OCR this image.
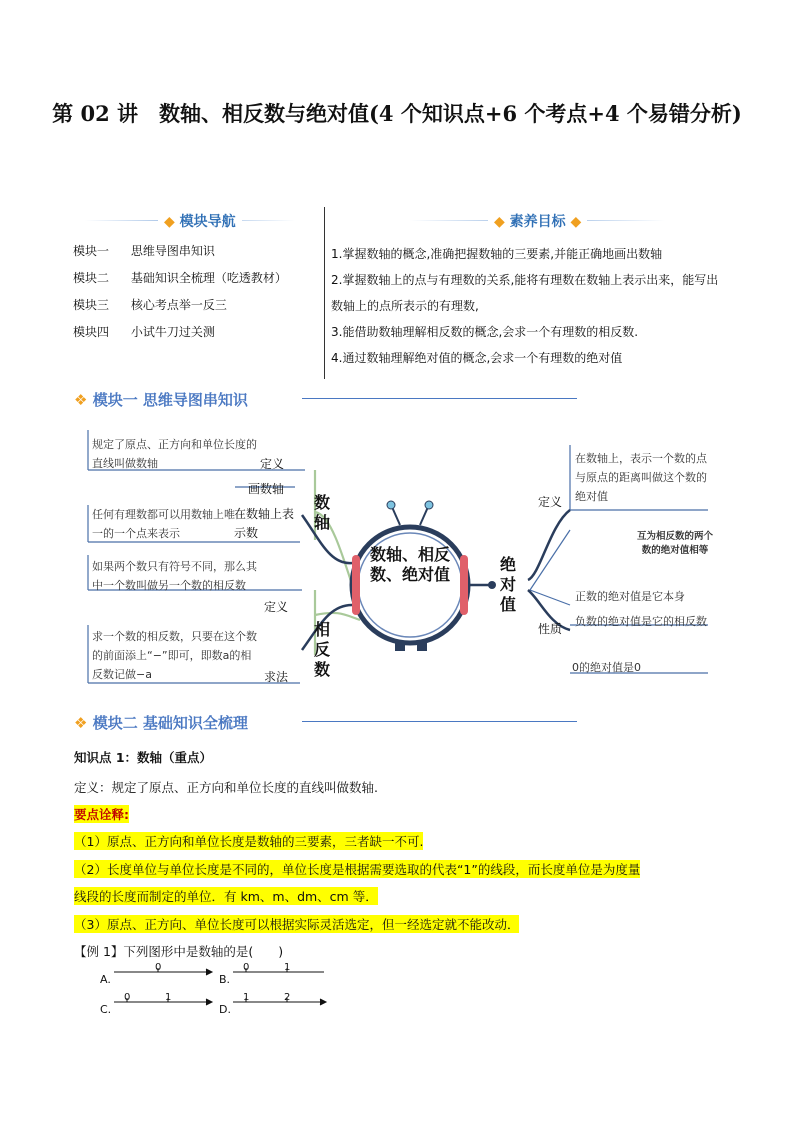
第 02 讲　数轴、相反数与绝对值(4 个知识点+6 个考点+4 个易错分析)
◆ 模块导航
模块一 思维导图串知识
模块二 基础知识全梳理（吃透教材）
模块三 核心考点举一反三
模块四 小试牛刀过关测
◆ 素养目标 ◆
1.掌握数轴的概念,准确把握数轴的三要素,并能正确地画出数轴
2.掌握数轴上的点与有理数的关系,能将有理数在数轴上表示出来，能写出数轴上的点所表示的有理数,
3.能借助数轴理解相反数的概念,会求一个有理数的相反数.
4.通过数轴理解绝对值的概念,会求一个有理数的绝对值
❖ 模块一 思维导图串知识
规定了原点、正方向和单位长度的直线叫做数轴	定义
画数轴
任何有理数都可以用数轴上唯一的一个点来表示
在数轴上表示数
数轴
如果两个数只有符号不同，那么其中一个数叫做另一个数的相反数
定义
求一个数的相反数，只要在这个数的前面添上“−”即可，即数a的相反数记做−a	求法
相反数
数轴、相反数、绝对值
绝对值
定义
在数轴上，表示一个数的点与原点的距离叫做这个数的绝对值
互为相反数的两个数的绝对值相等
性质
正数的绝对值是它本身
负数的绝对值是它的相反数
0的绝对值是0
❖ 模块二 基础知识全梳理
知识点 1：数轴（重点）
定义：规定了原点、正方向和单位长度的直线叫做数轴.
要点诠释:
（1）原点、正方向和单位长度是数轴的三要素，三者缺一不可.
（2）长度单位与单位长度是不同的，单位长度是根据需要选取的代表“1”的线段，而长度单位是为度量
线段的长度而制定的单位．有 km、m、dm、cm 等．
（3）原点、正方向、单位长度可以根据实际灵活选定，但一经选定就不能改动．
【例 1】下列图形中是数轴的是(　　)
A.
0
B.
0	1
C.
0	1
D.
1	2
